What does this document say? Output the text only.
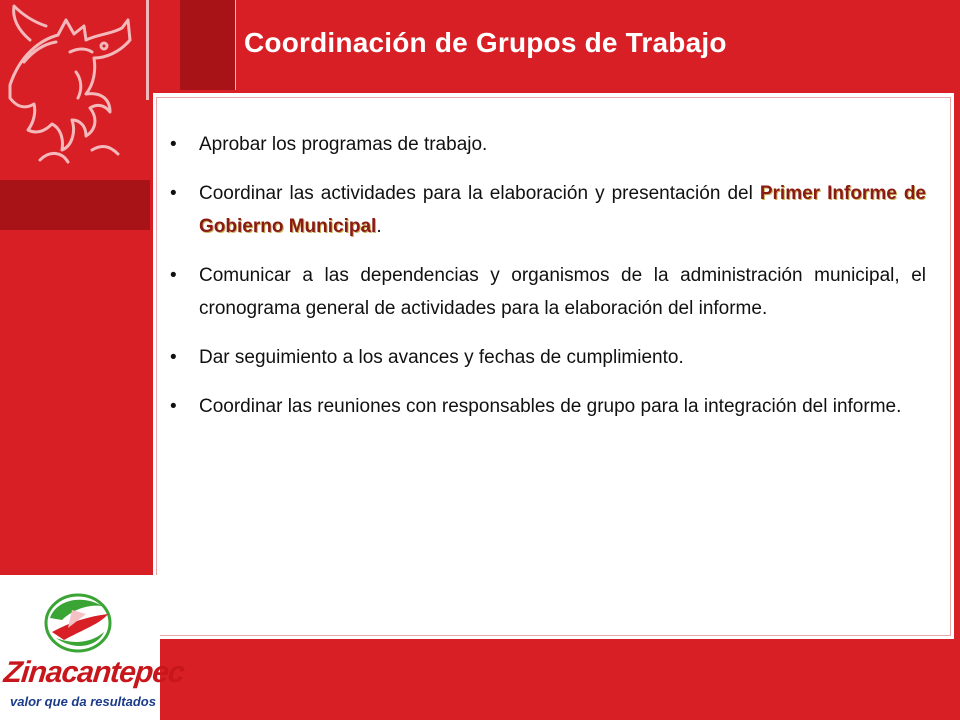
Coordinación de Grupos de Trabajo
• Aprobar los programas de trabajo.
• Coordinar las actividades para la elaboración y presentación del Primer Informe de Gobierno Municipal.
• Comunicar a las dependencias y organismos de la administración municipal, el cronograma general de actividades para la elaboración del informe.
• Dar seguimiento a los avances y fechas de cumplimiento.
• Coordinar las reuniones con responsables de grupo para la integración del informe.
Zinacantepec
valor que da resultados
